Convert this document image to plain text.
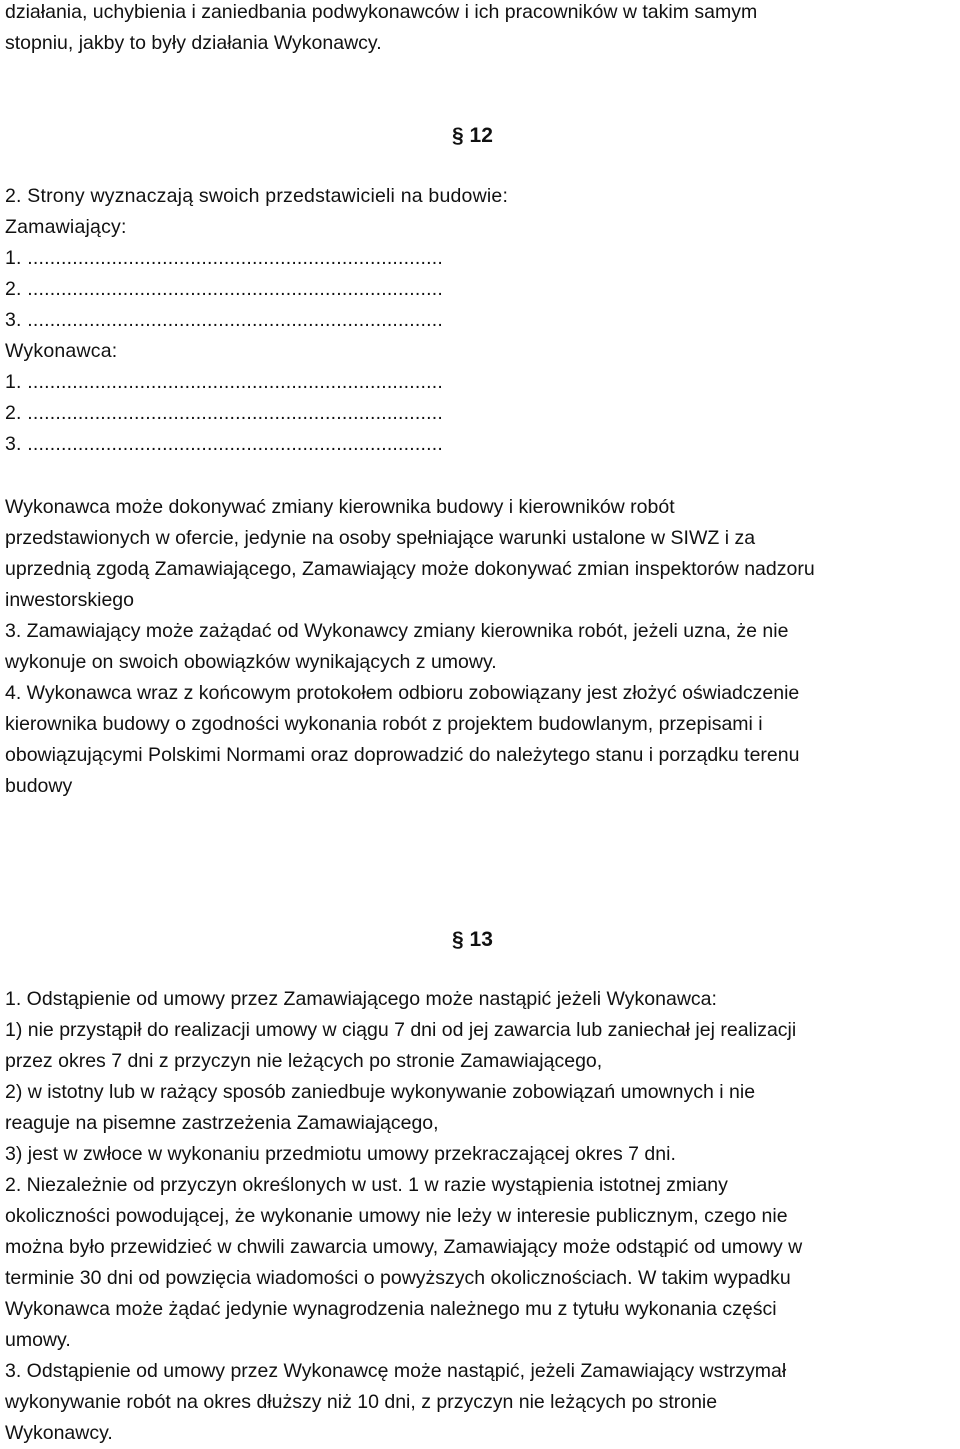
działania, uchybienia i zaniedbania podwykonawców i ich pracowników w takim samym
stopniu, jakby to były działania Wykonawcy.
§ 12
2. Strony wyznaczają swoich przedstawicieli na budowie:
Zamawiający:
1. ..........................................................................
2. ..........................................................................
3. ..........................................................................
Wykonawca:
1. ..........................................................................
2. ..........................................................................
3. ..........................................................................
Wykonawca może dokonywać zmiany kierownika budowy i kierowników robót
przedstawionych w ofercie, jedynie na osoby spełniające warunki ustalone w SIWZ i za
uprzednią zgodą Zamawiającego, Zamawiający może dokonywać zmian inspektorów nadzoru
inwestorskiego
3. Zamawiający może zażądać od Wykonawcy zmiany kierownika robót, jeżeli uzna, że nie
wykonuje on swoich obowiązków wynikających z umowy.
4. Wykonawca wraz z końcowym protokołem odbioru zobowiązany jest złożyć oświadczenie
kierownika budowy o zgodności wykonania robót z projektem budowlanym, przepisami i
obowiązującymi Polskimi Normami oraz doprowadzić do należytego stanu i porządku terenu
budowy
§ 13
1. Odstąpienie od umowy przez Zamawiającego może nastąpić jeżeli Wykonawca:
1) nie przystąpił do realizacji umowy w ciągu 7 dni od jej zawarcia lub zaniechał jej realizacji
przez okres 7 dni z przyczyn nie leżących po stronie Zamawiającego,
2) w istotny lub w rażący sposób zaniedbuje wykonywanie zobowiązań umownych i nie
reaguje na pisemne zastrzeżenia Zamawiającego,
3) jest w zwłoce w wykonaniu przedmiotu umowy przekraczającej okres 7 dni.
2. Niezależnie od przyczyn określonych w ust. 1 w razie wystąpienia istotnej zmiany
okoliczności powodującej, że wykonanie umowy nie leży w interesie publicznym, czego nie
można było przewidzieć w chwili zawarcia umowy, Zamawiający może odstąpić od umowy w
terminie 30 dni od powzięcia wiadomości o powyższych okolicznościach. W takim wypadku
Wykonawca może żądać jedynie wynagrodzenia należnego mu z tytułu wykonania części
umowy.
3. Odstąpienie od umowy przez Wykonawcę może nastąpić, jeżeli Zamawiający wstrzymał
wykonywanie robót na okres dłuższy niż 10 dni, z przyczyn nie leżących po stronie
Wykonawcy.
